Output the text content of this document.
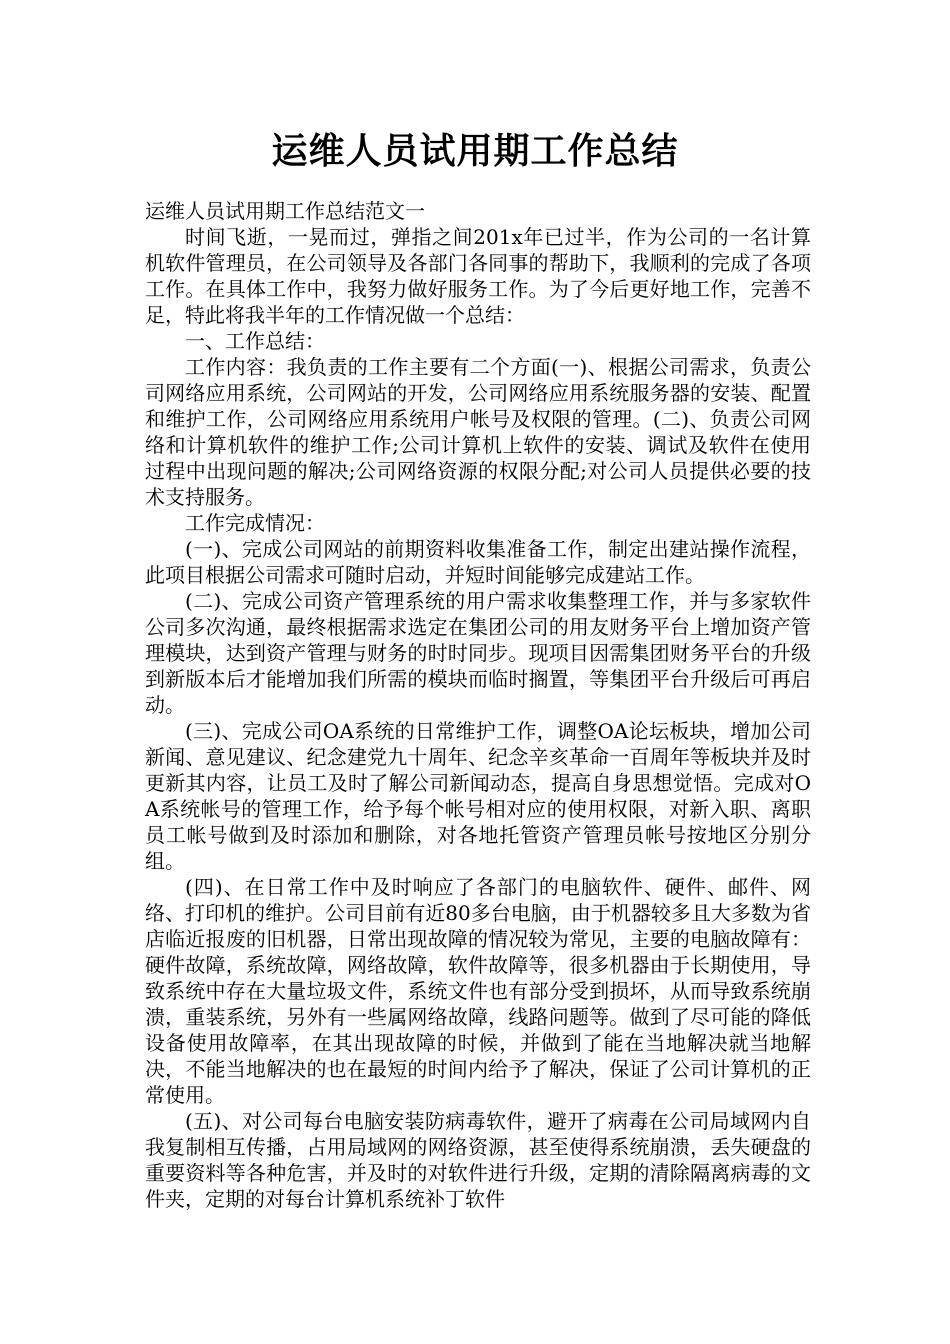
运维人员试用期工作总结

运维人员试用期工作总结范文一

时间飞逝，一晃而过，弹指之间201x年已过半，作为公司的一名计算机软件管理员，在公司领导及各部门各同事的帮助下，我顺利的完成了各项工作。在具体工作中，我努力做好服务工作。为了今后更好地工作，完善不足，特此将我半年的工作情况做一个总结：

一、工作总结：

工作内容：我负责的工作主要有二个方面(一)、根据公司需求，负责公司网络应用系统，公司网站的开发，公司网络应用系统服务器的安装、配置和维护工作，公司网络应用系统用户帐号及权限的管理。(二)、负责公司网络和计算机软件的维护工作;公司计算机上软件的安装、调试及软件在使用过程中出现问题的解决;公司网络资源的权限分配;对公司人员提供必要的技术支持服务。

工作完成情况：

(一)、完成公司网站的前期资料收集准备工作，制定出建站操作流程，此项目根据公司需求可随时启动，并短时间能够完成建站工作。

(二)、完成公司资产管理系统的用户需求收集整理工作，并与多家软件公司多次沟通，最终根据需求选定在集团公司的用友财务平台上增加资产管理模块，达到资产管理与财务的时时同步。现项目因需集团财务平台的升级到新版本后才能增加我们所需的模块而临时搁置，等集团平台升级后可再启动。

(三)、完成公司OA系统的日常维护工作，调整OA论坛板块，增加公司新闻、意见建议、纪念建党九十周年、纪念辛亥革命一百周年等板块并及时更新其内容，让员工及时了解公司新闻动态，提高自身思想觉悟。完成对OA系统帐号的管理工作，给予每个帐号相对应的使用权限，对新入职、离职员工帐号做到及时添加和删除，对各地托管资产管理员帐号按地区分别分组。

(四)、在日常工作中及时响应了各部门的电脑软件、硬件、邮件、网络、打印机的维护。公司目前有近80多台电脑，由于机器较多且大多数为省店临近报废的旧机器，日常出现故障的情况较为常见，主要的电脑故障有：硬件故障，系统故障，网络故障，软件故障等，很多机器由于长期使用，导致系统中存在大量垃圾文件，系统文件也有部分受到损坏，从而导致系统崩溃，重装系统，另外有一些属网络故障，线路问题等。做到了尽可能的降低设备使用故障率，在其出现故障的时候，并做到了能在当地解决就当地解决，不能当地解决的也在最短的时间内给予了解决，保证了公司计算机的正常使用。

(五)、对公司每台电脑安装防病毒软件，避开了病毒在公司局域网内自我复制相互传播，占用局域网的网络资源，甚至使得系统崩溃，丢失硬盘的重要资料等各种危害，并及时的对软件进行升级，定期的清除隔离病毒的文件夹，定期的对每台计算机系统补丁软件
